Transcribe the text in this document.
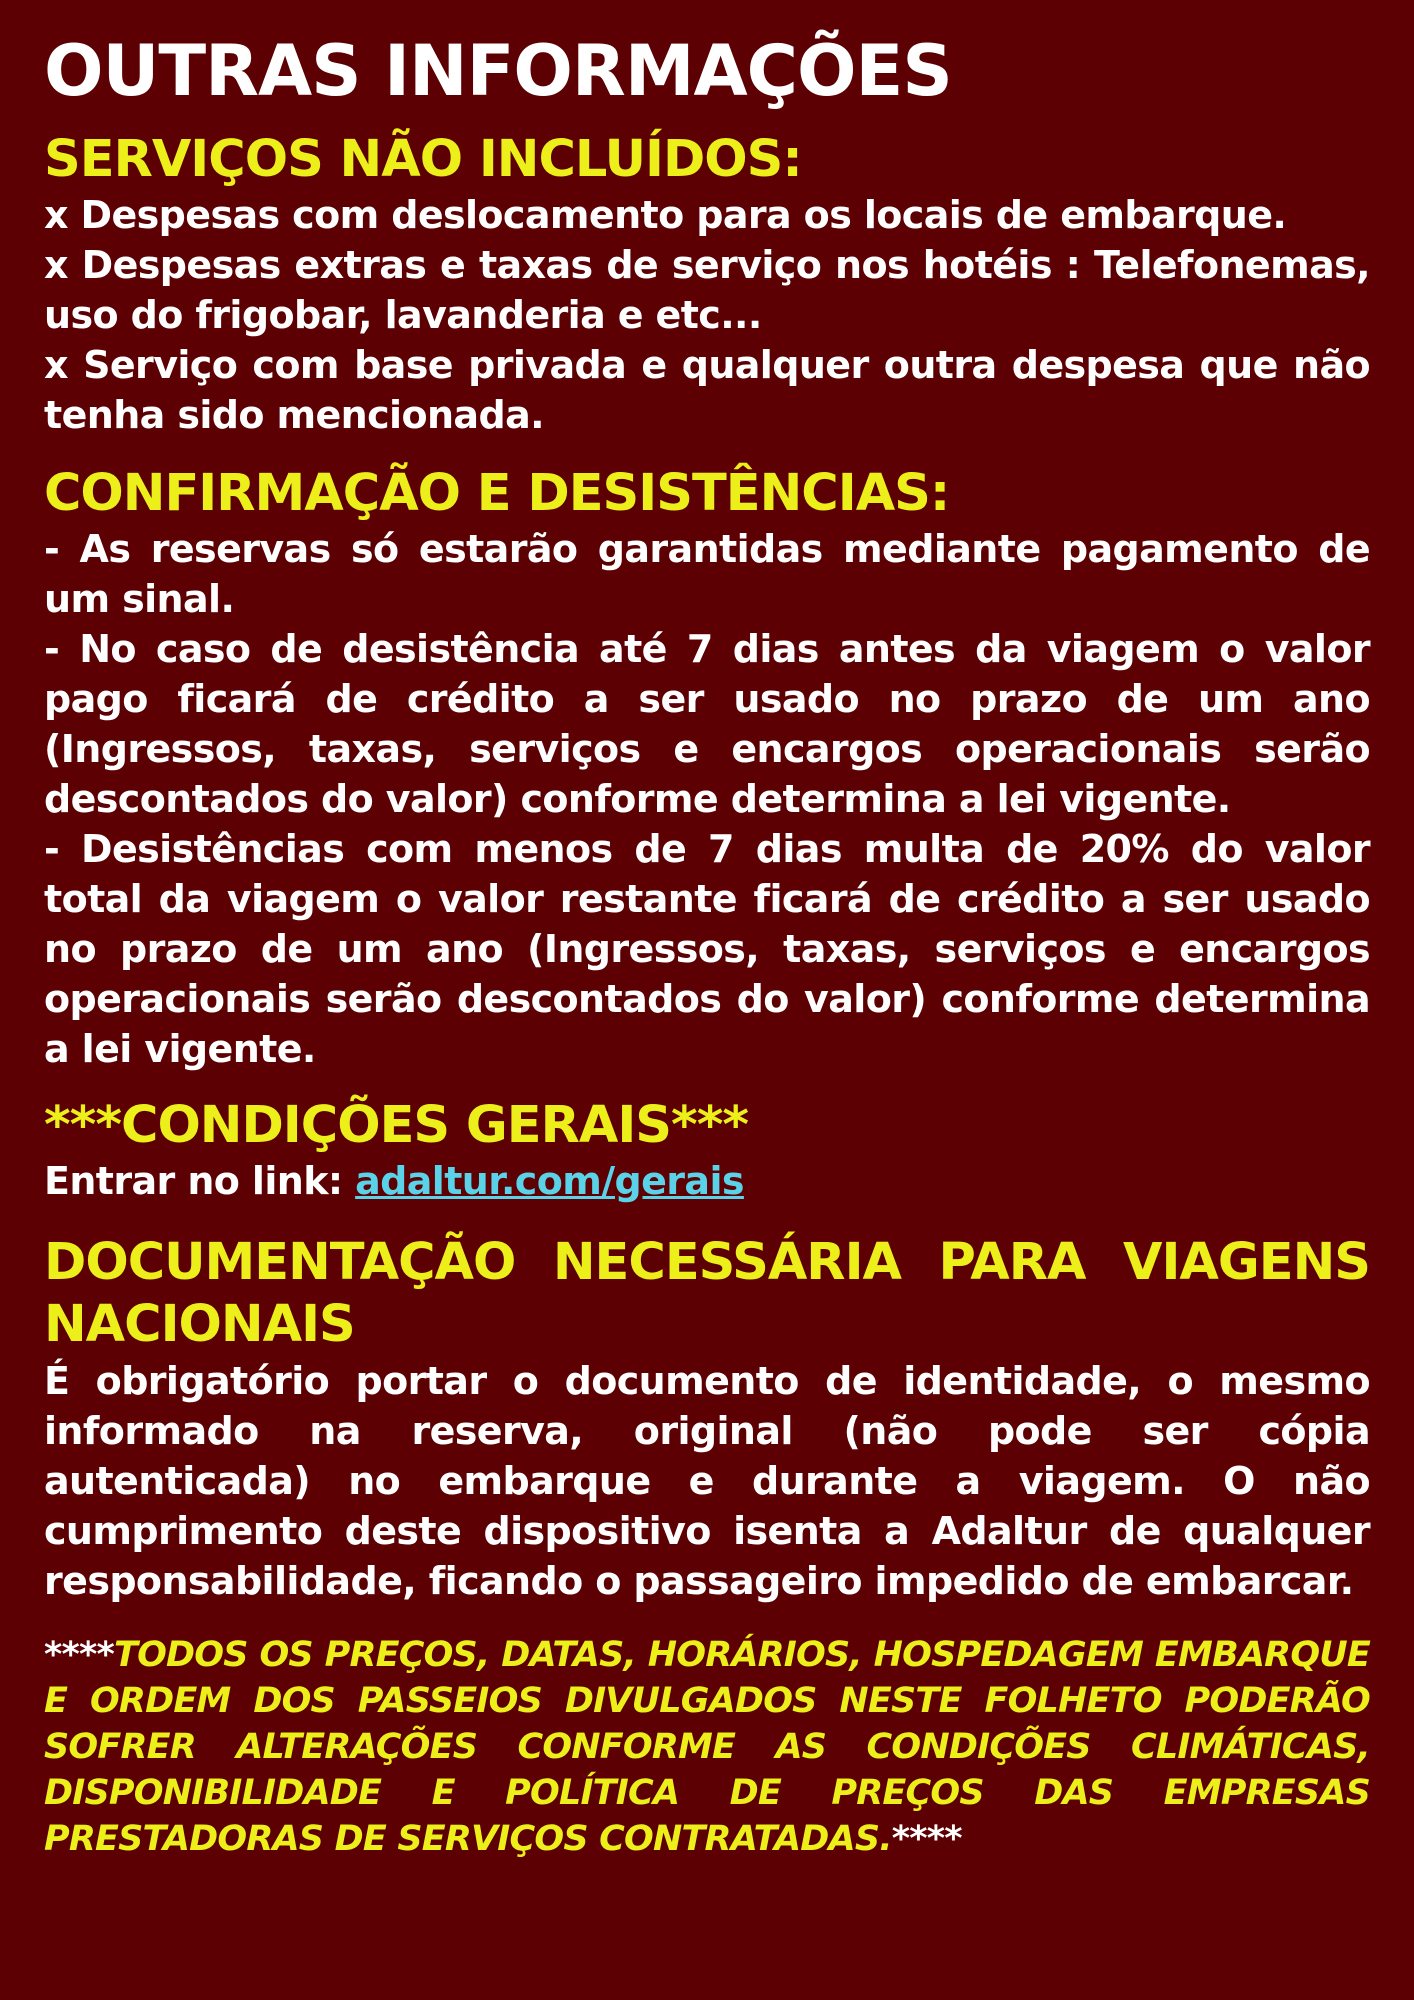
OUTRAS INFORMAÇÕES
SERVIÇOS NÃO INCLUÍDOS:

x Despesas com deslocamento para os locais de embarque.

x Despesas extras e taxas de serviço nos hotéis : Telefonemas, uso do frigobar, lavanderia e etc...

x Serviço com base privada e qualquer outra despesa que não tenha sido mencionada.

CONFIRMAÇÃO E DESISTÊNCIAS:

- As reservas só estarão garantidas mediante pagamento de um sinal.

- No caso de desistência até 7 dias antes da viagem o valor pago ficará de crédito a ser usado no prazo de um ano (Ingressos, taxas, serviços e encargos operacionais serão descontados do valor) conforme determina a lei vigente.

- Desistências com menos de 7 dias multa de 20% do valor total da viagem o valor restante ficará de crédito a ser usado no prazo de um ano (Ingressos, taxas, serviços e encargos operacionais serão descontados do valor) conforme determina a lei vigente.

***CONDIÇÕES GERAIS***

Entrar no link: adaltur.com/gerais

DOCUMENTAÇÃO NECESSÁRIA PARA VIAGENS NACIONAIS

É obrigatório portar o documento de identidade, o mesmo informado na reserva, original (não pode ser cópia autenticada) no embarque e durante a viagem. O não cumprimento deste dispositivo isenta a Adaltur de qualquer responsabilidade, ficando o passageiro impedido de embarcar.

****TODOS OS PREÇOS, DATAS, HORÁRIOS, HOSPEDAGEM EMBARQUE E ORDEM DOS PASSEIOS DIVULGADOS NESTE FOLHETO PODERÃO SOFRER ALTERAÇÕES CONFORME AS CONDIÇÕES CLIMÁTICAS, DISPONIBILIDADE E POLÍTICA DE PREÇOS DAS EMPRESAS PRESTADORAS DE SERVIÇOS CONTRATADAS.****
